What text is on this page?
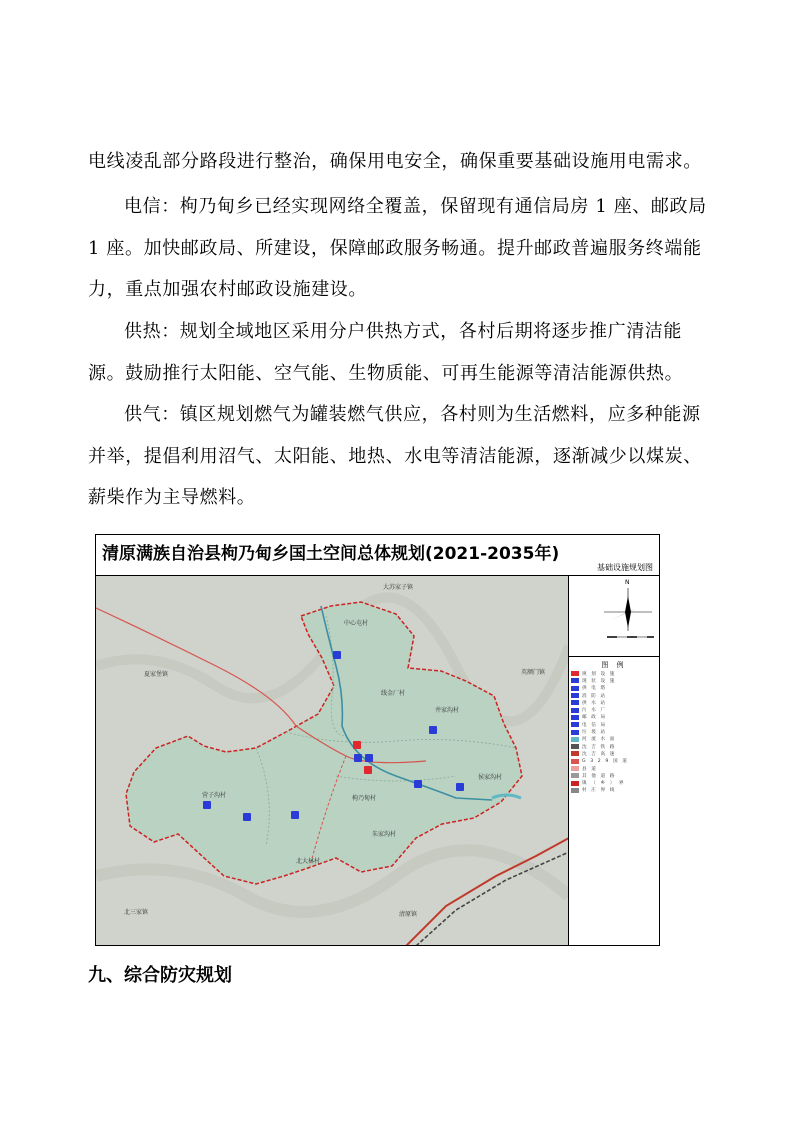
电线凌乱部分路段进行整治，确保用电安全，确保重要基础设施用电需求。

电信：枸乃甸乡已经实现网络全覆盖，保留现有通信局房 1 座、邮政局 1 座。加快邮政局、所建设，保障邮政服务畅通。提升邮政普遍服务终端能力，重点加强农村邮政设施建设。

供热：规划全域地区采用分户供热方式，各村后期将逐步推广清洁能源。鼓励推行太阳能、空气能、生物质能、可再生能源等清洁能源供热。

供气：镇区规划燃气为罐装燃气供应，各村则为生活燃料，应多种能源并举，提倡利用沼气、太阳能、地热、水电等清洁能源，逐渐减少以煤炭、薪柴作为主导燃料。

清原满族自治县枸乃甸乡国土空间总体规划(2021-2035年)
基础设施规划图
大苏家子镇
中心屯村
夏家堡镇	英额门镇
线金厂村
井家沟村
营子沟村	枸乃甸村
侯家沟村
朱家沟村
北大林村
北三家镇	清原镇
N
图 例
规 划 设 施
现 状 设 施
供 电 塔
消 防 站
供 水 站
污 水 厂
邮 政 局
电 信 局
垃 圾 站
河 流 水 面
沈 吉 铁 路
沈 吉 高 速
G 3 2 9 国 道
县 道
其 他 道 路
镇 （ 乡 ） 界
村 庄 界 线
九、综合防灾规划
